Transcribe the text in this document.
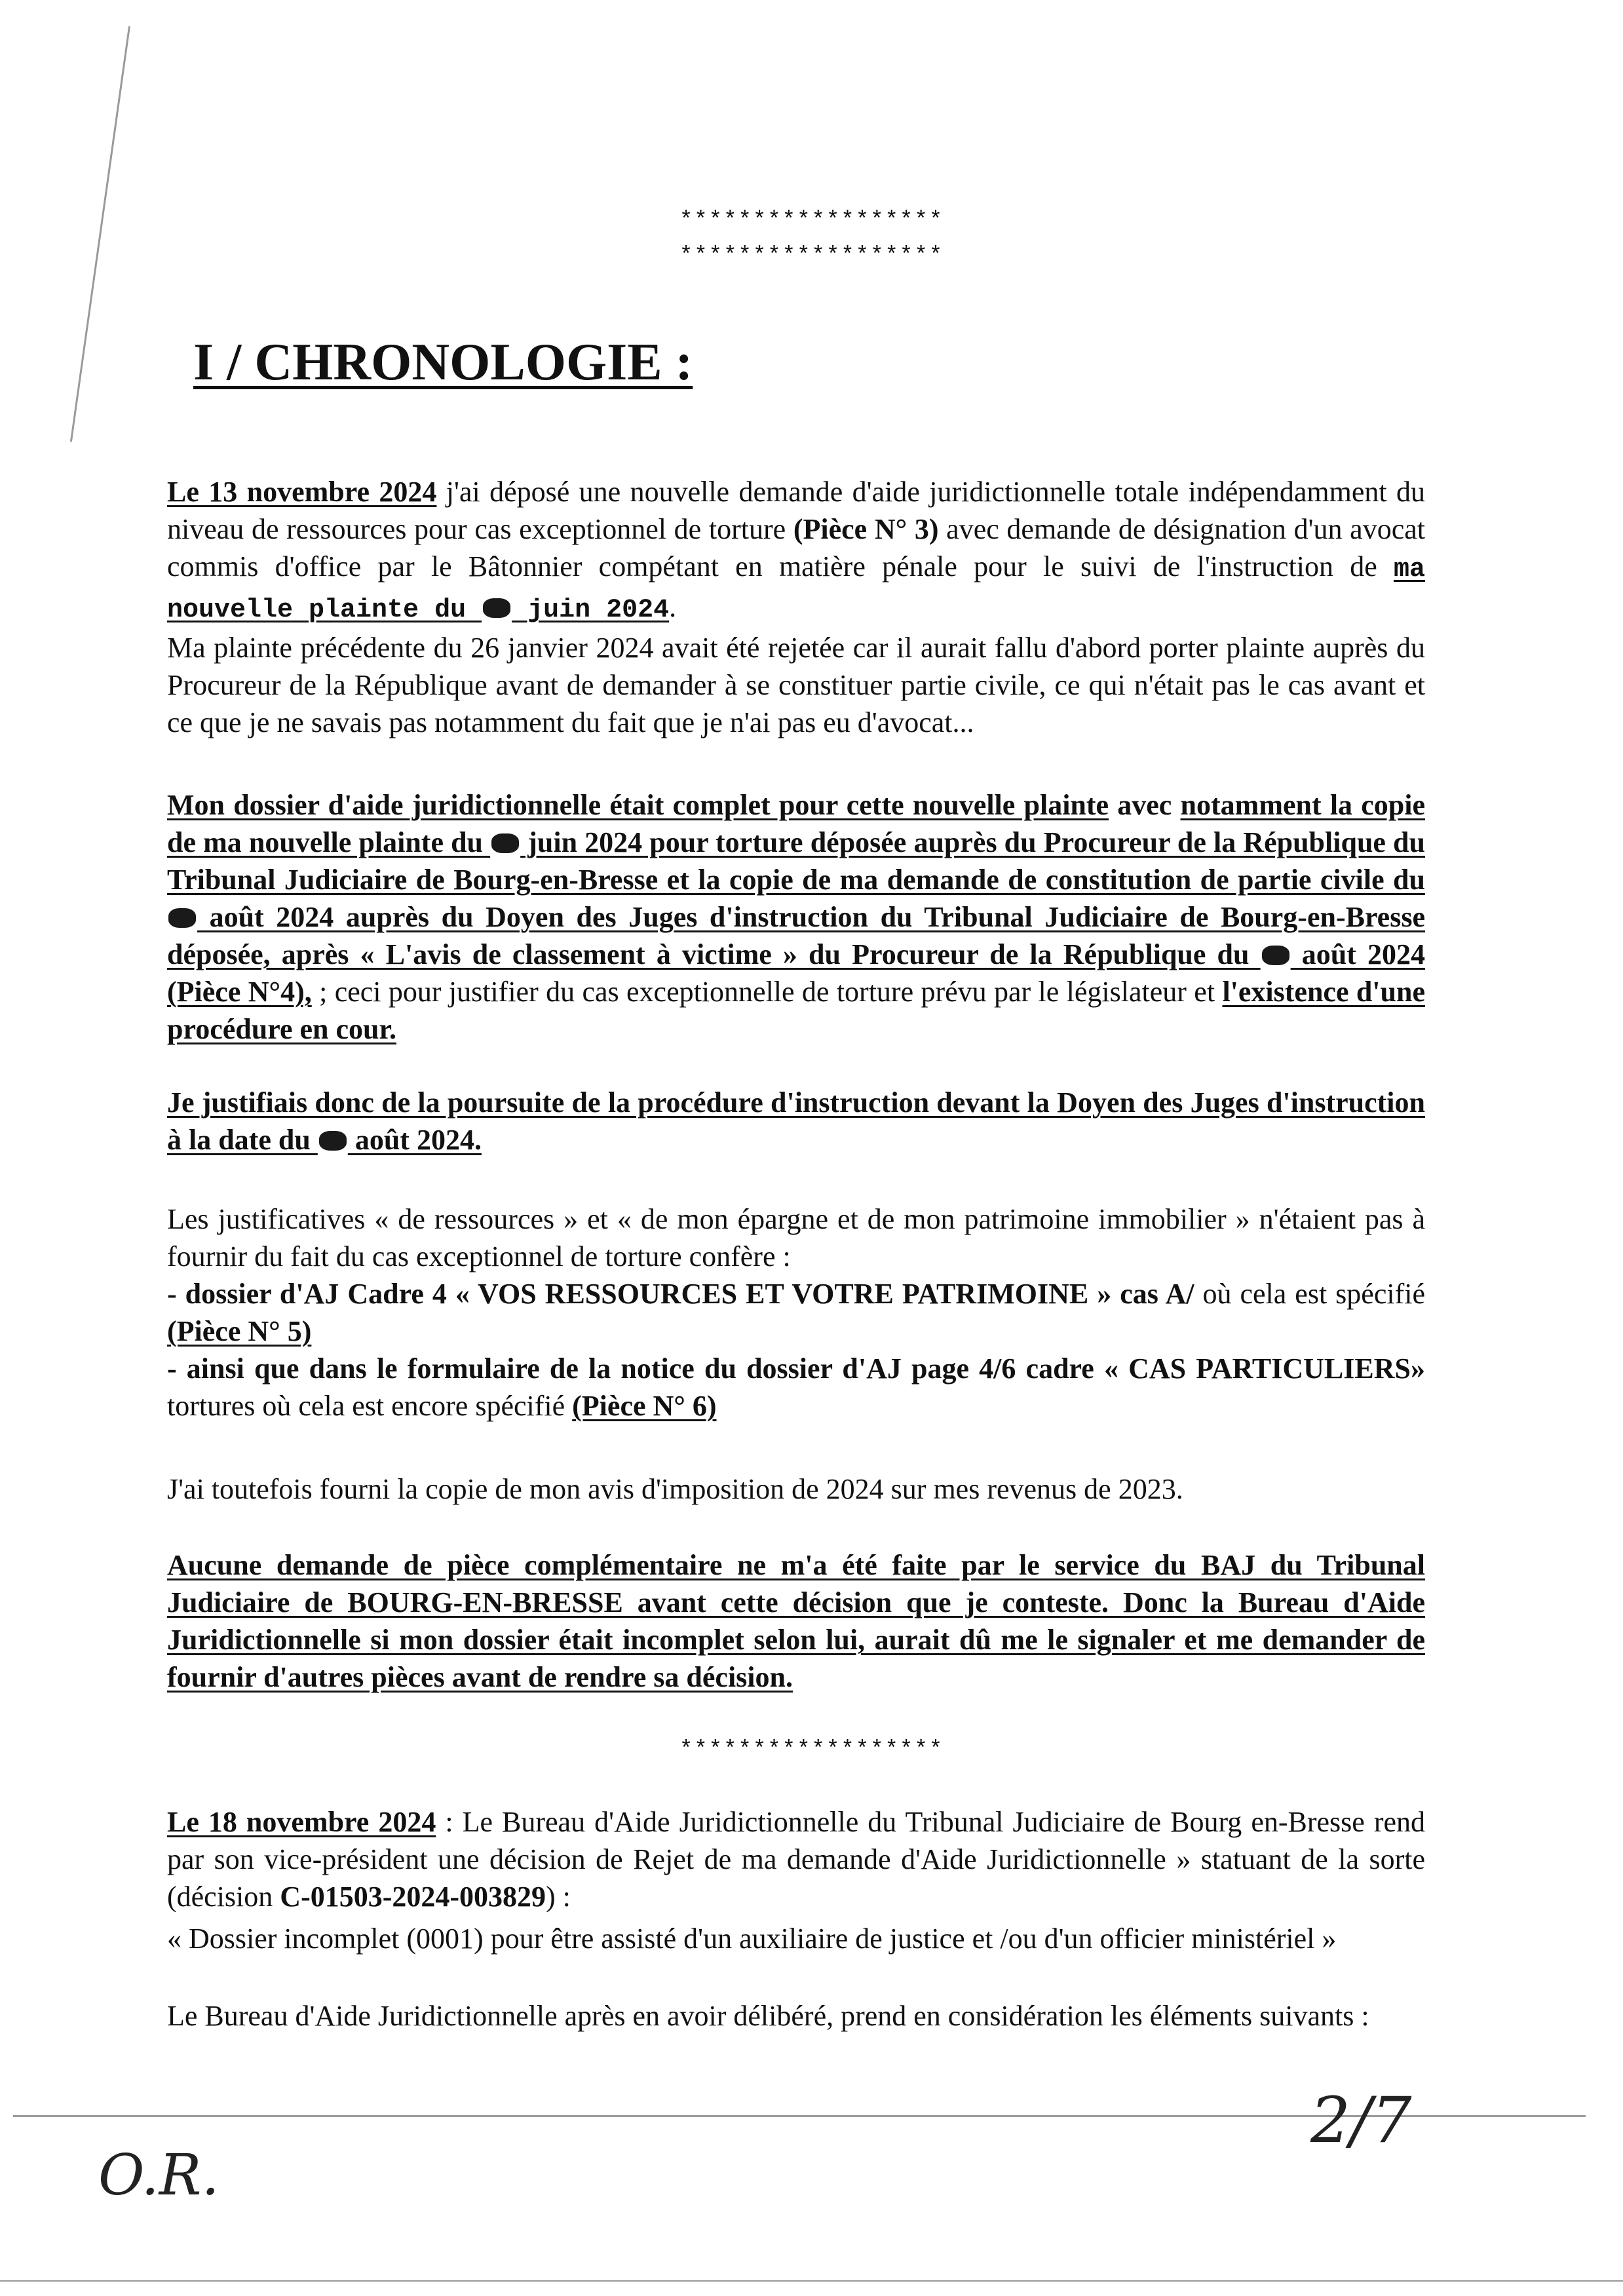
******************
******************
I / CHRONOLOGIE :
Le 13 novembre 2024 j'ai déposé une nouvelle demande d'aide juridictionnelle totale indépendamment du niveau de ressources pour cas exceptionnel de torture (Pièce N° 3) avec demande de désignation d'un avocat commis d'office par le Bâtonnier compétant en matière pénale pour le suivi de l'instruction de ma nouvelle plainte du  juin 2024.
Ma plainte précédente du 26 janvier 2024 avait été rejetée car il aurait fallu d'abord porter plainte auprès du Procureur de la République avant de demander à se constituer partie civile, ce qui n'était pas le cas avant et ce que je ne savais pas notamment du fait que je n'ai pas eu d'avocat...
Mon dossier d'aide juridictionnelle était complet pour cette nouvelle plainte avec notamment la copie de ma nouvelle plainte du  juin 2024 pour torture déposée auprès du Procureur de la République du Tribunal Judiciaire de Bourg-en-Bresse et la copie de ma demande de constitution de partie civile du  août 2024 auprès du Doyen des Juges d'instruction du Tribunal Judiciaire de Bourg-en-Bresse déposée, après « L'avis de classement à victime » du Procureur de la République du  août 2024 (Pièce N°4), ; ceci pour justifier du cas exceptionnelle de torture prévu par le législateur et l'existence d'une procédure en cour.
Je justifiais donc de la poursuite de la procédure d'instruction devant la Doyen des Juges d'instruction à la date du  août 2024.
Les justificatives « de ressources » et « de mon épargne et de mon patrimoine immobilier » n'étaient pas à fournir du fait du cas exceptionnel de torture confère :
- dossier d'AJ Cadre 4 « VOS RESSOURCES ET VOTRE PATRIMOINE » cas A/ où cela est spécifié (Pièce N° 5)
- ainsi que dans le formulaire de la notice du dossier d'AJ page 4/6 cadre « CAS PARTICULIERS» tortures où cela est encore spécifié (Pièce N° 6)
J'ai toutefois fourni la copie de mon avis d'imposition de 2024 sur mes revenus de 2023.
Aucune demande de pièce complémentaire ne m'a été faite par le service du BAJ du Tribunal Judiciaire de BOURG-EN-BRESSE avant cette décision que je conteste. Donc la Bureau d'Aide Juridictionnelle si mon dossier était incomplet selon lui, aurait dû me le signaler et me demander de fournir d'autres pièces avant de rendre sa décision.
******************
Le 18 novembre 2024 : Le Bureau d'Aide Juridictionnelle du Tribunal Judiciaire de Bourg en-Bresse rend par son vice-président une décision de Rejet de ma demande d'Aide Juridictionnelle » statuant de la sorte (décision C-01503-2024-003829) :
« Dossier incomplet (0001) pour être assisté d'un auxiliaire de justice et /ou d'un officier ministériel »
Le Bureau d'Aide Juridictionnelle après en avoir délibéré, prend en considération les éléments suivants :
O.R.
2/7
